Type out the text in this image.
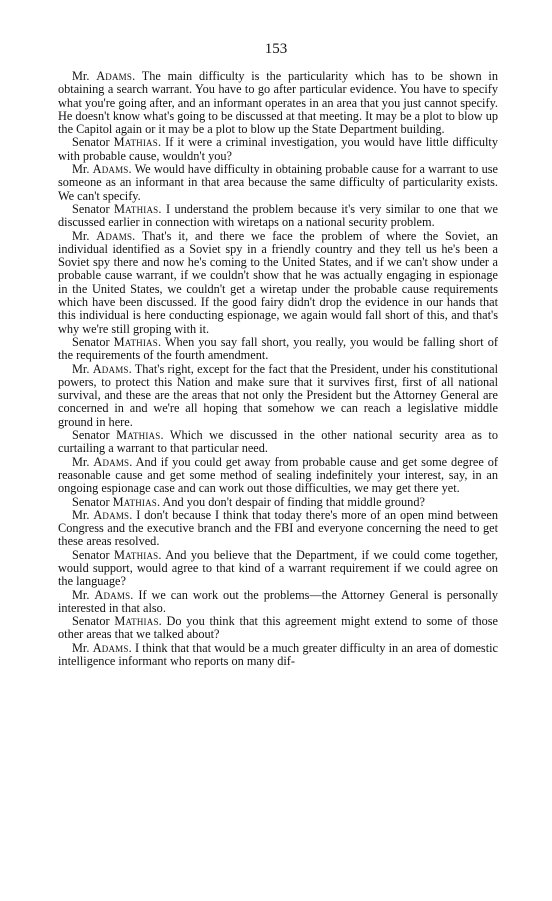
153

Mr. Adams. The main difficulty is the particularity which has to be shown in obtaining a search warrant. You have to go after particular evidence. You have to specify what you're going after, and an informant operates in an area that you just cannot specify. He doesn't know what's going to be discussed at that meeting. It may be a plot to blow up the Capitol again or it may be a plot to blow up the State Department building.

Senator Mathias. If it were a criminal investigation, you would have little difficulty with probable cause, wouldn't you?

Mr. Adams. We would have difficulty in obtaining probable cause for a warrant to use someone as an informant in that area because the same difficulty of particularity exists. We can't specify.

Senator Mathias. I understand the problem because it's very similar to one that we discussed earlier in connection with wiretaps on a national security problem.

Mr. Adams. That's it, and there we face the problem of where the Soviet, an individual identified as a Soviet spy in a friendly country and they tell us he's been a Soviet spy there and now he's coming to the United States, and if we can't show under a probable cause warrant, if we couldn't show that he was actually engaging in espionage in the United States, we couldn't get a wiretap under the probable cause requirements which have been discussed. If the good fairy didn't drop the evidence in our hands that this individual is here conducting espionage, we again would fall short of this, and that's why we're still groping with it.

Senator Mathias. When you say fall short, you really, you would be falling short of the requirements of the fourth amendment.

Mr. Adams. That's right, except for the fact that the President, under his constitutional powers, to protect this Nation and make sure that it survives first, first of all national survival, and these are the areas that not only the President but the Attorney General are concerned in and we're all hoping that somehow we can reach a legislative middle ground in here.

Senator Mathias. Which we discussed in the other national security area as to curtailing a warrant to that particular need.

Mr. Adams. And if you could get away from probable cause and get some degree of reasonable cause and get some method of sealing indefinitely your interest, say, in an ongoing espionage case and can work out those difficulties, we may get there yet.

Senator Mathias. And you don't despair of finding that middle ground?

Mr. Adams. I don't because I think that today there's more of an open mind between Congress and the executive branch and the FBI and everyone concerning the need to get these areas resolved.

Senator Mathias. And you believe that the Department, if we could come together, would support, would agree to that kind of a warrant requirement if we could agree on the language?

Mr. Adams. If we can work out the problems—the Attorney General is personally interested in that also.

Senator Mathias. Do you think that this agreement might extend to some of those other areas that we talked about?

Mr. Adams. I think that that would be a much greater difficulty in an area of domestic intelligence informant who reports on many dif-
